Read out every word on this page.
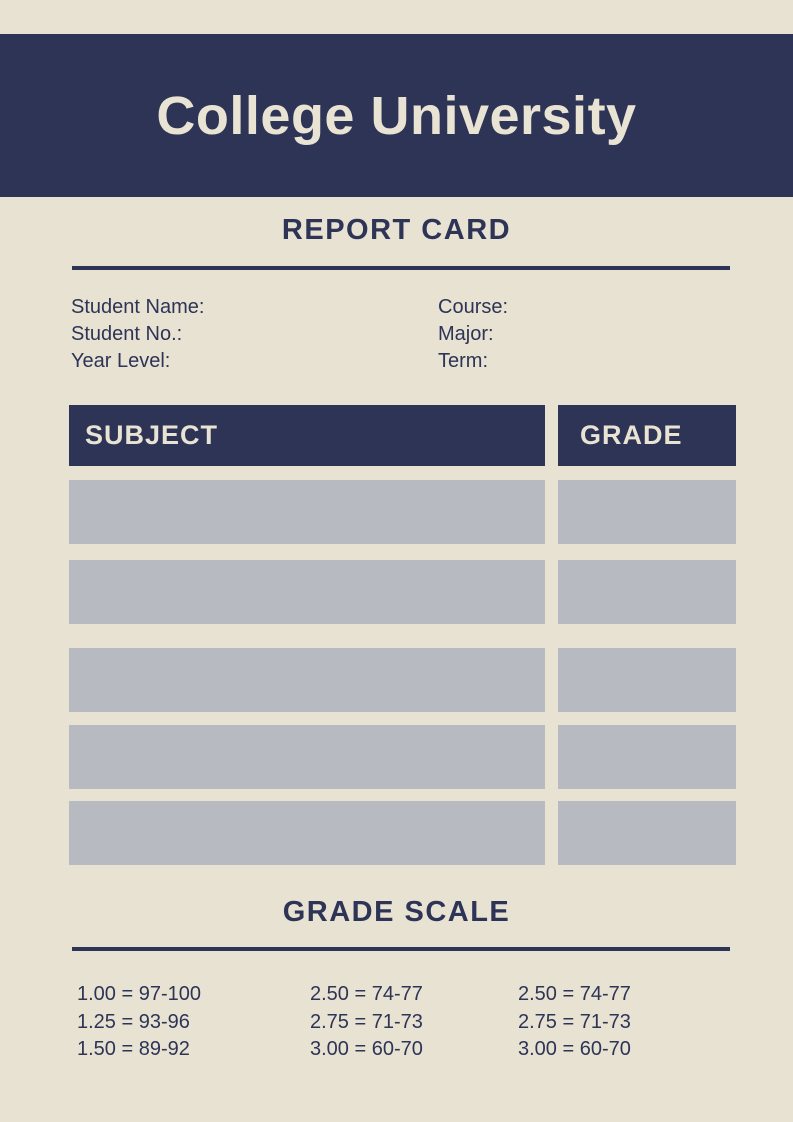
College University
REPORT CARD
Student Name:
Student No.:
Year Level:
Course:
Major:
Term:
SUBJECT	GRADE
GRADE SCALE
1.00 = 97-100
1.25 = 93-96
1.50 = 89-92
2.50 = 74-77
2.75 = 71-73
3.00 = 60-70
2.50 = 74-77
2.75 = 71-73
3.00 = 60-70
